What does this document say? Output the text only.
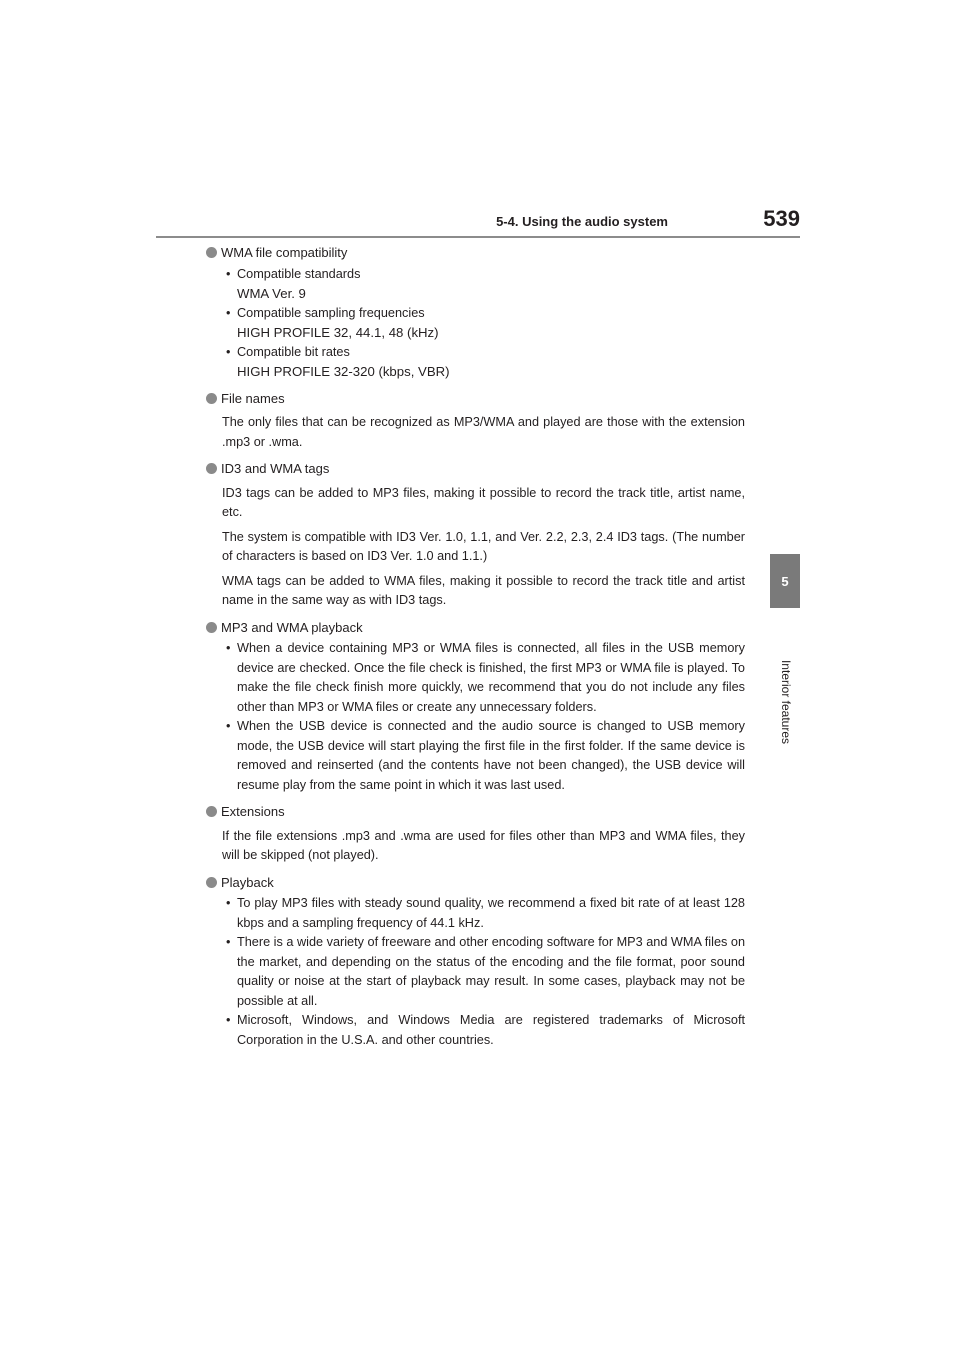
5-4. Using the audio system	539
5
Interior features
WMA file compatibility
• Compatible standards
WMA Ver. 9
• Compatible sampling frequencies
HIGH PROFILE 32, 44.1, 48 (kHz)
• Compatible bit rates
HIGH PROFILE 32-320 (kbps, VBR)
File names
The only files that can be recognized as MP3/WMA and played are those with the extension .mp3 or .wma.
ID3 and WMA tags
ID3 tags can be added to MP3 files, making it possible to record the track title, artist name, etc.
The system is compatible with ID3 Ver. 1.0, 1.1, and Ver. 2.2, 2.3, 2.4 ID3 tags. (The number of characters is based on ID3 Ver. 1.0 and 1.1.)
WMA tags can be added to WMA files, making it possible to record the track title and artist name in the same way as with ID3 tags.
MP3 and WMA playback
• When a device containing MP3 or WMA files is connected, all files in the USB memory device are checked. Once the file check is finished, the first MP3 or WMA file is played. To make the file check finish more quickly, we recommend that you do not include any files other than MP3 or WMA files or create any unnecessary folders.
• When the USB device is connected and the audio source is changed to USB memory mode, the USB device will start playing the first file in the first folder. If the same device is removed and reinserted (and the contents have not been changed), the USB device will resume play from the same point in which it was last used.
Extensions
If the file extensions .mp3 and .wma are used for files other than MP3 and WMA files, they will be skipped (not played).
Playback
• To play MP3 files with steady sound quality, we recommend a fixed bit rate of at least 128 kbps and a sampling frequency of 44.1 kHz.
• There is a wide variety of freeware and other encoding software for MP3 and WMA files on the market, and depending on the status of the encoding and the file format, poor sound quality or noise at the start of playback may result. In some cases, playback may not be possible at all.
• Microsoft, Windows, and Windows Media are registered trademarks of Microsoft Corporation in the U.S.A. and other countries.
